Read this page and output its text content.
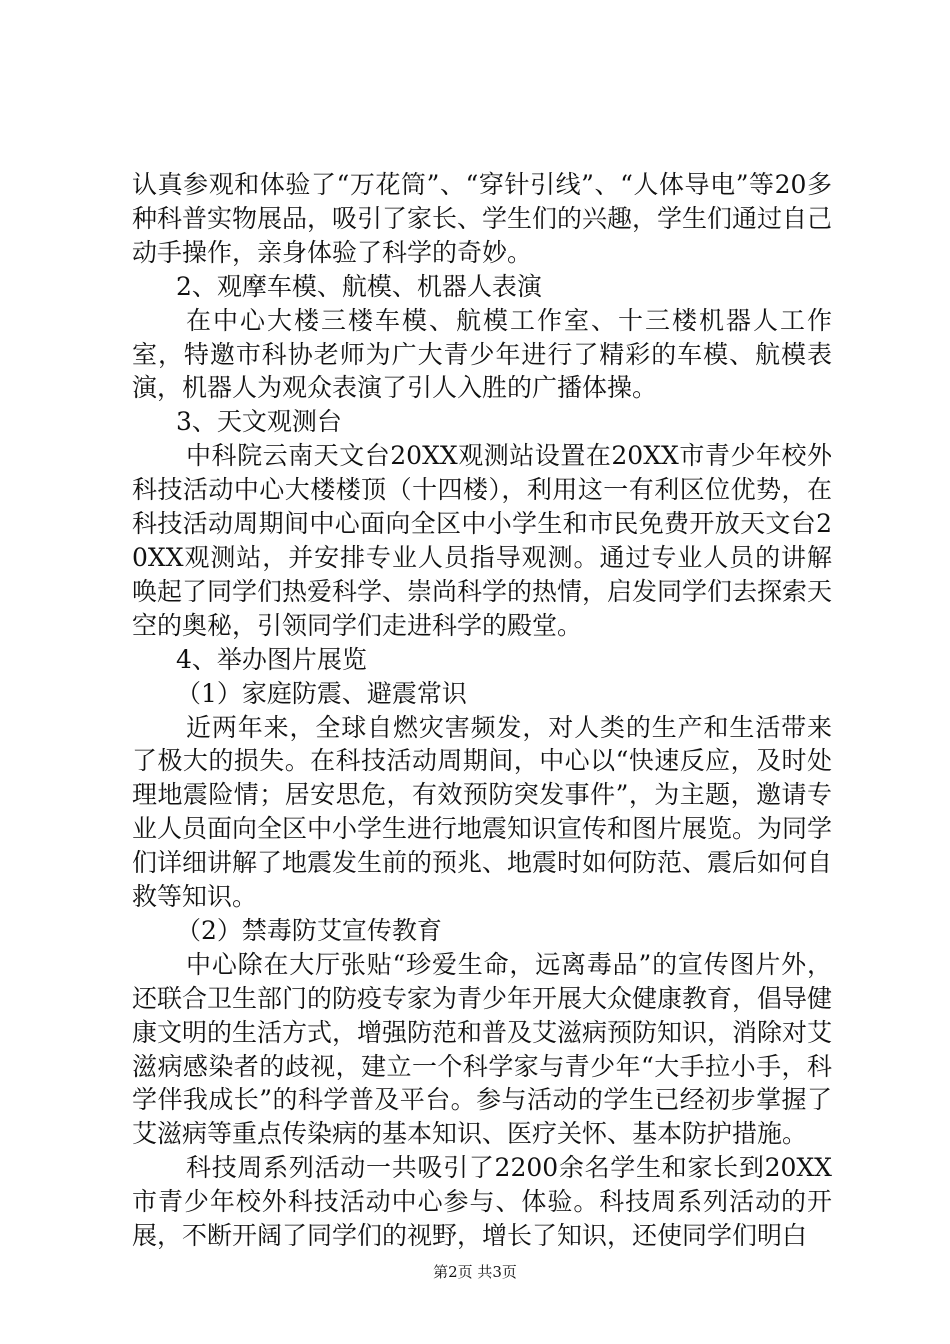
认真参观和体验了“万花筒”、“穿针引线”、“人体导电”等20多种科普实物展品，吸引了家长、学生们的兴趣，学生们通过自己动手操作，亲身体验了科学的奇妙。

2、观摩车模、航模、机器人表演

在中心大楼三楼车模、航模工作室、十三楼机器人工作室，特邀市科协老师为广大青少年进行了精彩的车模、航模表演，机器人为观众表演了引人入胜的广播体操。

3、天文观测台

中科院云南天文台20XX观测站设置在20XX市青少年校外科技活动中心大楼楼顶（十四楼），利用这一有利区位优势，在科技活动周期间中心面向全区中小学生和市民免费开放天文台20XX观测站，并安排专业人员指导观测。通过专业人员的讲解唤起了同学们热爱科学、崇尚科学的热情，启发同学们去探索天空的奥秘，引领同学们走进科学的殿堂。

4、举办图片展览

（1）家庭防震、避震常识

近两年来，全球自燃灾害频发，对人类的生产和生活带来了极大的损失。在科技活动周期间，中心以“快速反应，及时处理地震险情；居安思危，有效预防突发事件”，为主题，邀请专业人员面向全区中小学生进行地震知识宣传和图片展览。为同学们详细讲解了地震发生前的预兆、地震时如何防范、震后如何自救等知识。

（2）禁毒防艾宣传教育

中心除在大厅张贴“珍爱生命，远离毒品”的宣传图片外，还联合卫生部门的防疫专家为青少年开展大众健康教育，倡导健康文明的生活方式，增强防范和普及艾滋病预防知识，消除对艾滋病感染者的歧视，建立一个科学家与青少年“大手拉小手，科学伴我成长”的科学普及平台。参与活动的学生已经初步掌握了艾滋病等重点传染病的基本知识、医疗关怀、基本防护措施。

科技周系列活动一共吸引了2200余名学生和家长到20XX市青少年校外科技活动中心参与、体验。科技周系列活动的开展，不断开阔了同学们的视野，增长了知识，还使同学们明白

第2页 共3页
